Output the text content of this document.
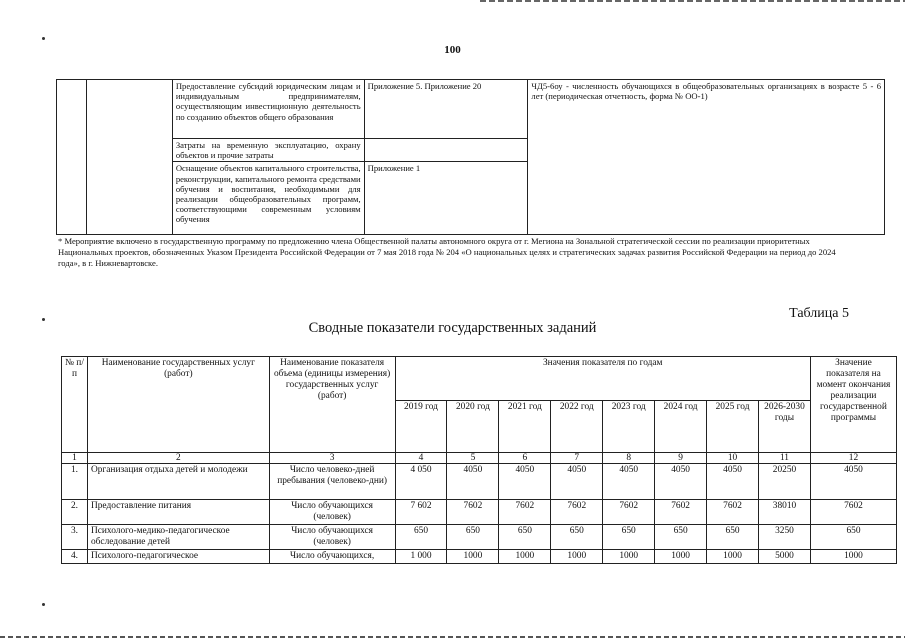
100
		Предоставление субсидий юридическим лицам и индивидуальным предпринимателям, осуществляющим инвестиционную деятельность по созданию объектов общего образования	Приложение 5. Приложение 20	ЧД5-6оу - численность обучающихся в общеобразовательных организациях в возрасте 5 - 6 лет (периодическая отчетность, форма № ОО-1)
		Затраты на временную эксплуатацию, охрану объектов и прочие затраты		
		Оснащение объектов капитального строительства, реконструкции, капитального ремонта средствами обучения и воспитания, необходимыми для реализации общеобразовательных программ, соответствующими современным условиям обучения	Приложение 1	
* Мероприятие включено в государственную программу по предложению члена Общественной палаты автономного округа от г. Мегиона на Зональной стратегической сессии по реализации приоритетных Национальных проектов, обозначенных Указом Президента Российской Федерации от 7 мая 2018 года № 204 «О национальных целях и стратегических задачах развития Российской Федерации на период до 2024 года», в г. Нижневартовске.
Таблица 5
Сводные показатели государственных заданий
№ п/п	Наименование государственных услуг (работ)	Наименование показателя объема (единицы измерения) государственных услуг (работ)	Значения показателя по годам								Значение показателя на момент окончания реализации государственной программы
			2019 год	2020 год	2021 год	2022 год	2023 год	2024 год	2025 год	2026-2030 годы	
1	2	3	4	5	6	7	8	9	10	11	12
1.	Организация отдыха детей и молодежи	Число человеко-дней пребывания (человеко-дни)	4 050	4050	4050	4050	4050	4050	4050	20250	4050
2.	Предоставление питания	Число обучающихся (человек)	7 602	7602	7602	7602	7602	7602	7602	38010	7602
3.	Психолого-медико-педагогическое обследование детей	Число обучающихся (человек)	650	650	650	650	650	650	650	3250	650
4.	Психолого-педагогическое	Число обучающихся,	1 000	1000	1000	1000	1000	1000	1000	5000	1000
